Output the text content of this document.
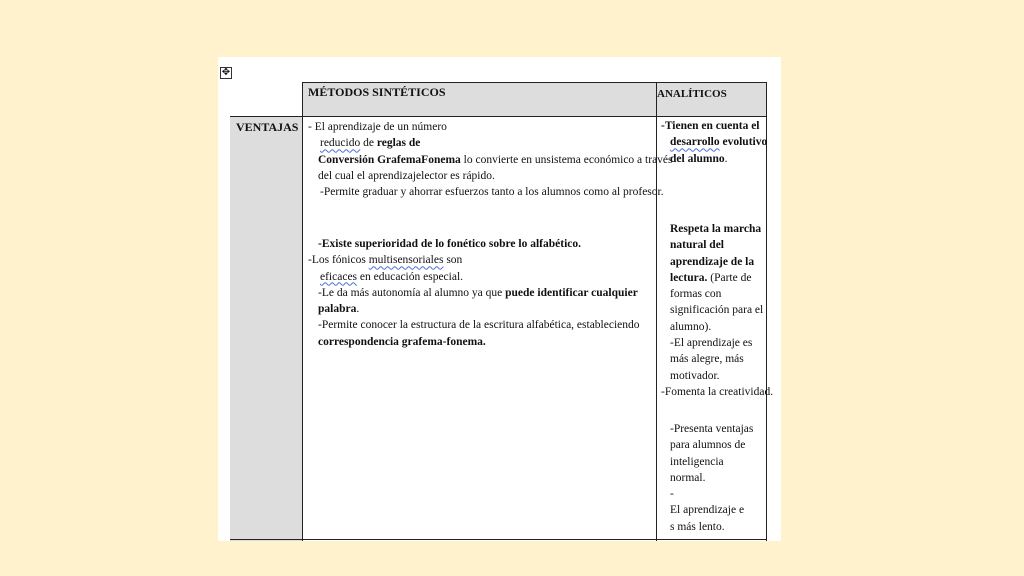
✥
MÉTODOS SINTÉTICOS	ANALÍTICOS
VENTAJAS - El aprendizaje de un número
reducido de reglas de
Conversión GrafemaFonema lo convierte en unsistema económico a través
del cual el aprendizajelector es rápido.
-Permite graduar y ahorrar esfuerzos tanto a los alumnos como al profesor.
-Existe superioridad de lo fonético sobre lo alfabético.
-Los fónicos multisensoriales son
eficaces en educación especial.
-Le da más autonomía al alumno ya que puede identificar cualquier
palabra.
-Permite conocer la estructura de la escritura alfabética, estableciendo
correspondencia grafema-fonema.
-Tienen en cuenta el
desarrollo evolutivo
del alumno.
Respeta la marcha
natural del
aprendizaje de la
lectura. (Parte de
formas con
significación para el
alumno).
-El aprendizaje es
más alegre, más
motivador.
-Fomenta la creatividad.
-Presenta ventajas
para alumnos de
inteligencia
normal.
-
El aprendizaje e
s más lento.
